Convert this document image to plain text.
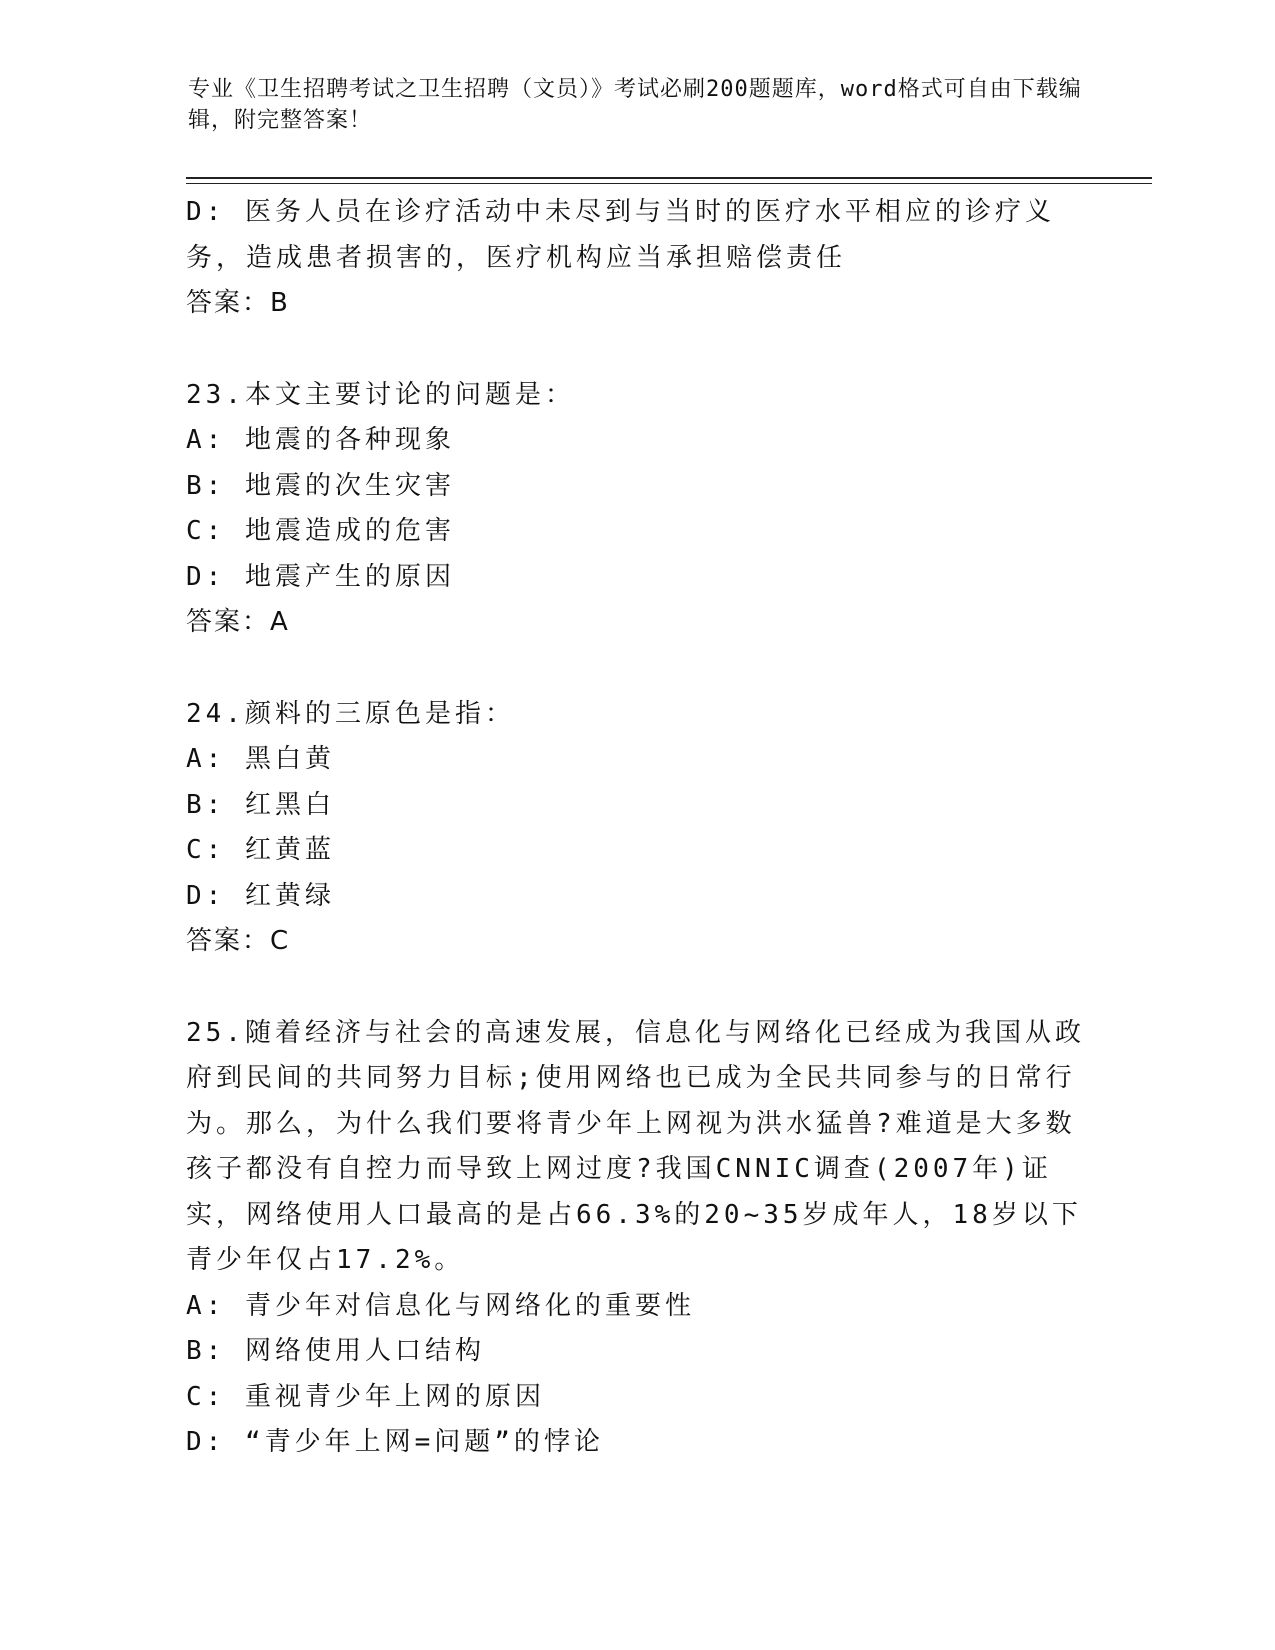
专业《卫生招聘考试之卫生招聘（文员）》考试必刷200题题库，word格式可自由下载编辑，附完整答案！

D: 医务人员在诊疗活动中未尽到与当时的医疗水平相应的诊疗义务，造成患者损害的，医疗机构应当承担赔偿责任

答案：B

23.本文主要讨论的问题是：

A: 地震的各种现象

B: 地震的次生灾害

C: 地震造成的危害

D: 地震产生的原因

答案：A

24.颜料的三原色是指：

A: 黑白黄

B: 红黑白

C: 红黄蓝

D: 红黄绿

答案：C

25.随着经济与社会的高速发展，信息化与网络化已经成为我国从政府到民间的共同努力目标;使用网络也已成为全民共同参与的日常行为。那么，为什么我们要将青少年上网视为洪水猛兽?难道是大多数孩子都没有自控力而导致上网过度?我国CNNIC调查(2007年)证实，网络使用人口最高的是占66.3%的20~35岁成年人，18岁以下青少年仅占17.2%。

A: 青少年对信息化与网络化的重要性

B: 网络使用人口结构

C: 重视青少年上网的原因

D: “青少年上网=问题”的悖论
